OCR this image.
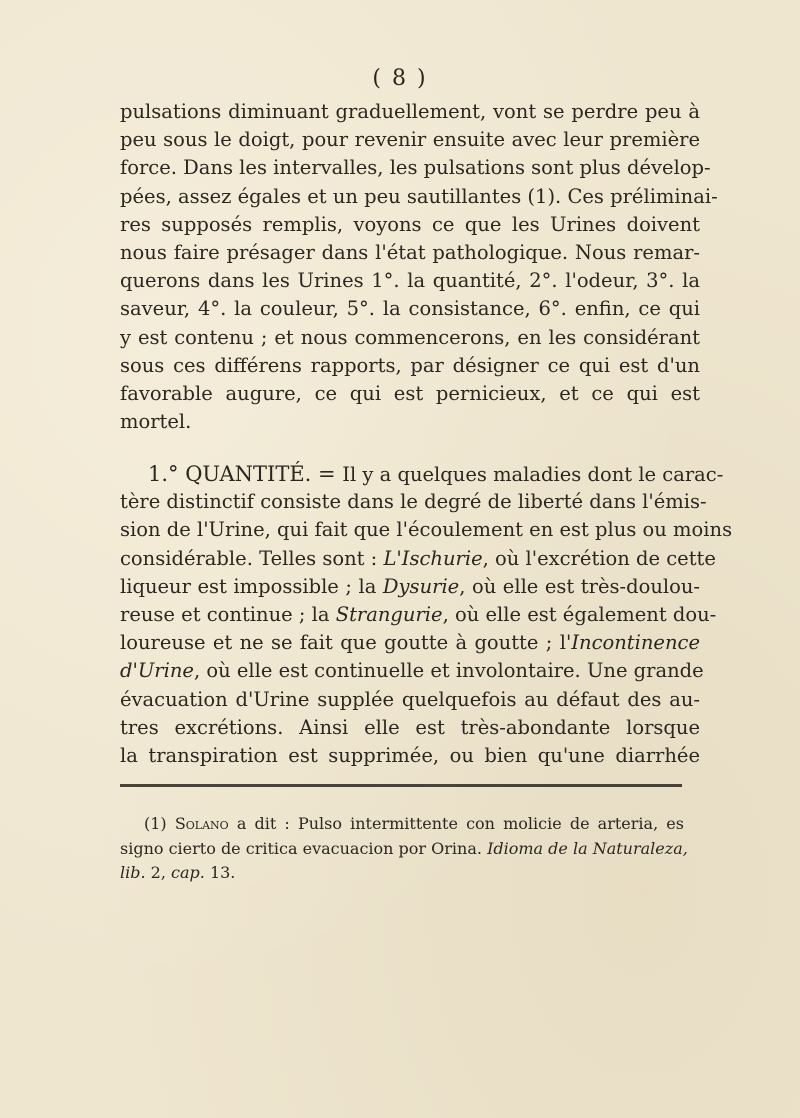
( 8 )
pulsations diminuant graduellement, vont se perdre peu à
peu sous le doigt, pour revenir ensuite avec leur première
force. Dans les intervalles, les pulsations sont plus dévelop-
pées, assez égales et un peu sautillantes (1). Ces préliminai-
res supposés remplis, voyons ce que les Urines doivent
nous faire présager dans l'état pathologique. Nous remar-
querons dans les Urines 1°. la quantité, 2°. l'odeur, 3°. la
saveur, 4°. la couleur, 5°. la consistance, 6°. enfin, ce qui
y est contenu ; et nous commencerons, en les considérant
sous ces différens rapports, par désigner ce qui est d'un
favorable augure, ce qui est pernicieux, et ce qui est
mortel.
1.° QUANTITÉ. = Il y a quelques maladies dont le carac-
tère distinctif consiste dans le degré de liberté dans l'émis-
sion de l'Urine, qui fait que l'écoulement en est plus ou moins
considérable. Telles sont : L'Ischurie, où l'excrétion de cette
liqueur est impossible ; la Dysurie, où elle est très-doulou-
reuse et continue ; la Strangurie, où elle est également dou-
loureuse et ne se fait que goutte à goutte ; l'Incontinence
d'Urine, où elle est continuelle et involontaire. Une grande
évacuation d'Urine supplée quelquefois au défaut des au-
tres excrétions. Ainsi elle est très-abondante lorsque
la transpiration est supprimée, ou bien qu'une diarrhée
(1) Solano a dit : Pulso intermittente con molicie de arteria, es
signo cierto de critica evacuacion por Orina. Idioma de la Naturaleza,
lib. 2, cap. 13.
